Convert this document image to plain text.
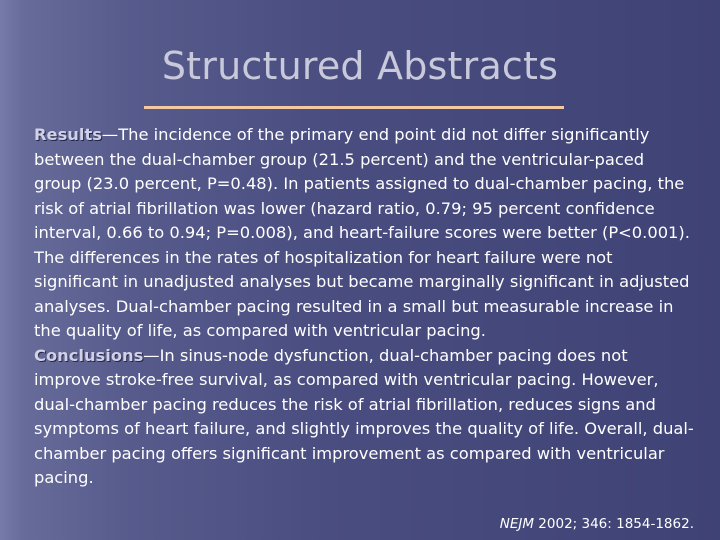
Structured Abstracts

Results—The incidence of the primary end point did not differ significantly between the dual-chamber group (21.5 percent) and the ventricular-paced group (23.0 percent, P=0.48). In patients assigned to dual-chamber pacing, the risk of atrial fibrillation was lower (hazard ratio, 0.79; 95 percent confidence interval, 0.66 to 0.94; P=0.008), and heart-failure scores were better (P<0.001). The differences in the rates of hospitalization for heart failure were not significant in unadjusted analyses but became marginally significant in adjusted analyses. Dual-chamber pacing resulted in a small but measurable increase in the quality of life, as compared with ventricular pacing.

Conclusions—In sinus-node dysfunction, dual-chamber pacing does not improve stroke-free survival, as compared with ventricular pacing. However, dual-chamber pacing reduces the risk of atrial fibrillation, reduces signs and symptoms of heart failure, and slightly improves the quality of life. Overall, dual-chamber pacing offers significant improvement as compared with ventricular pacing.

NEJM 2002; 346: 1854-1862.
